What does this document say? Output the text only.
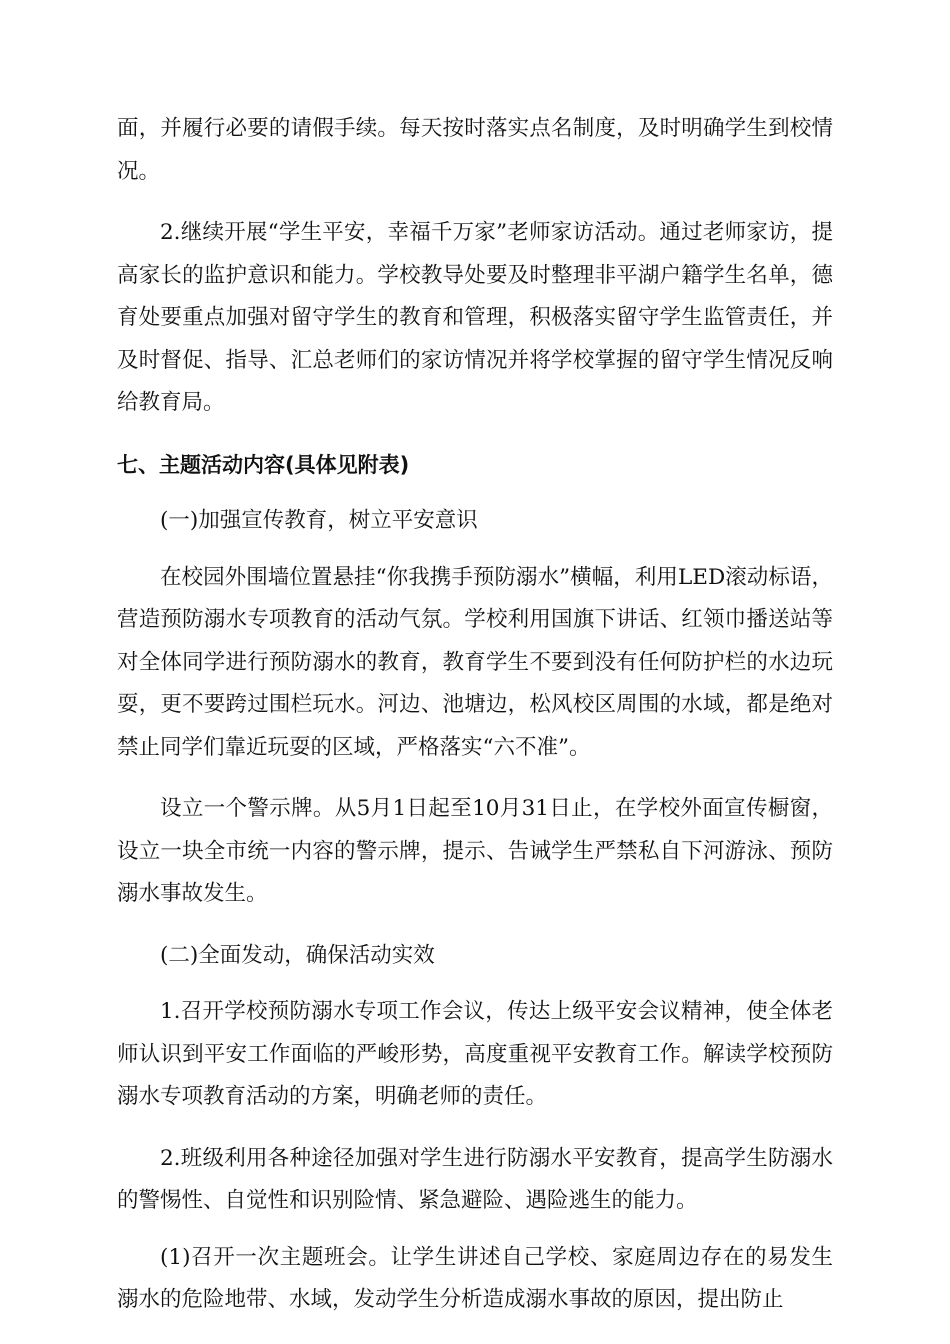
面，并履行必要的请假手续。每天按时落实点名制度，及时明确学生到校情况。

2.继续开展“学生平安，幸福千万家”老师家访活动。通过老师家访，提高家长的监护意识和能力。学校教导处要及时整理非平湖户籍学生名单，德育处要重点加强对留守学生的教育和管理，积极落实留守学生监管责任，并及时督促、指导、汇总老师们的家访情况并将学校掌握的留守学生情况反响给教育局。

七、主题活动内容(具体见附表)

(一)加强宣传教育，树立平安意识

在校园外围墙位置悬挂“你我携手预防溺水”横幅，利用LED滚动标语，营造预防溺水专项教育的活动气氛。学校利用国旗下讲话、红领巾播送站等对全体同学进行预防溺水的教育，教育学生不要到没有任何防护栏的水边玩耍，更不要跨过围栏玩水。河边、池塘边，松风校区周围的水域，都是绝对禁止同学们靠近玩耍的区域，严格落实“六不准”。

设立一个警示牌。从5月1日起至10月31日止，在学校外面宣传橱窗，设立一块全市统一内容的警示牌，提示、告诫学生严禁私自下河游泳、预防溺水事故发生。

(二)全面发动，确保活动实效

1.召开学校预防溺水专项工作会议，传达上级平安会议精神，使全体老师认识到平安工作面临的严峻形势，高度重视平安教育工作。解读学校预防溺水专项教育活动的方案，明确老师的责任。

2.班级利用各种途径加强对学生进行防溺水平安教育，提高学生防溺水的警惕性、自觉性和识别险情、紧急避险、遇险逃生的能力。

(1)召开一次主题班会。让学生讲述自己学校、家庭周边存在的易发生溺水的危险地带、水域，发动学生分析造成溺水事故的原因，提出防止
